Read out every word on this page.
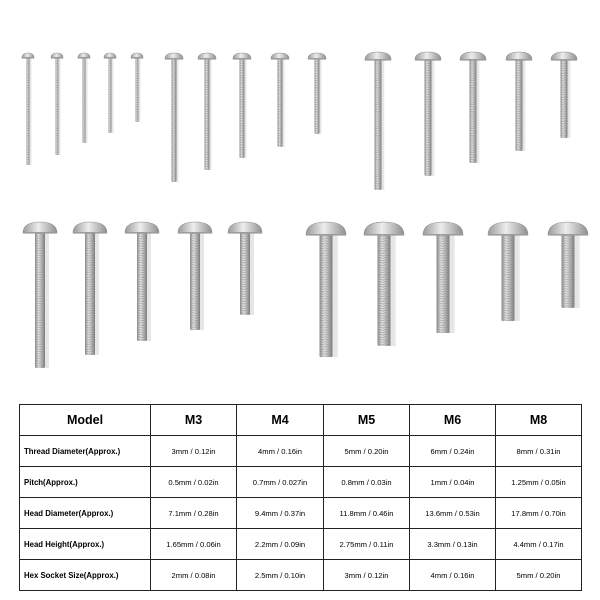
Model	M3	M4	M5	M6	M8
Thread Diameter(Approx.)	3mm / 0.12in	4mm / 0.16in	5mm / 0.20in	6mm / 0.24in	8mm / 0.31in
Pitch(Approx.)	0.5mm / 0.02in	0.7mm / 0.027in	0.8mm / 0.03in	1mm / 0.04in	1.25mm / 0.05in
Head Diameter(Approx.)	7.1mm / 0.28in	9.4mm / 0.37in	11.8mm / 0.46in	13.6mm / 0.53in	17.8mm / 0.70in
Head Height(Approx.)	1.65mm / 0.06in	2.2mm / 0.09in	2.75mm / 0.11in	3.3mm / 0.13in	4.4mm / 0.17in
Hex Socket Size(Approx.)	2mm / 0.08in	2.5mm / 0.10in	3mm / 0.12in	4mm / 0.16in	5mm / 0.20in
